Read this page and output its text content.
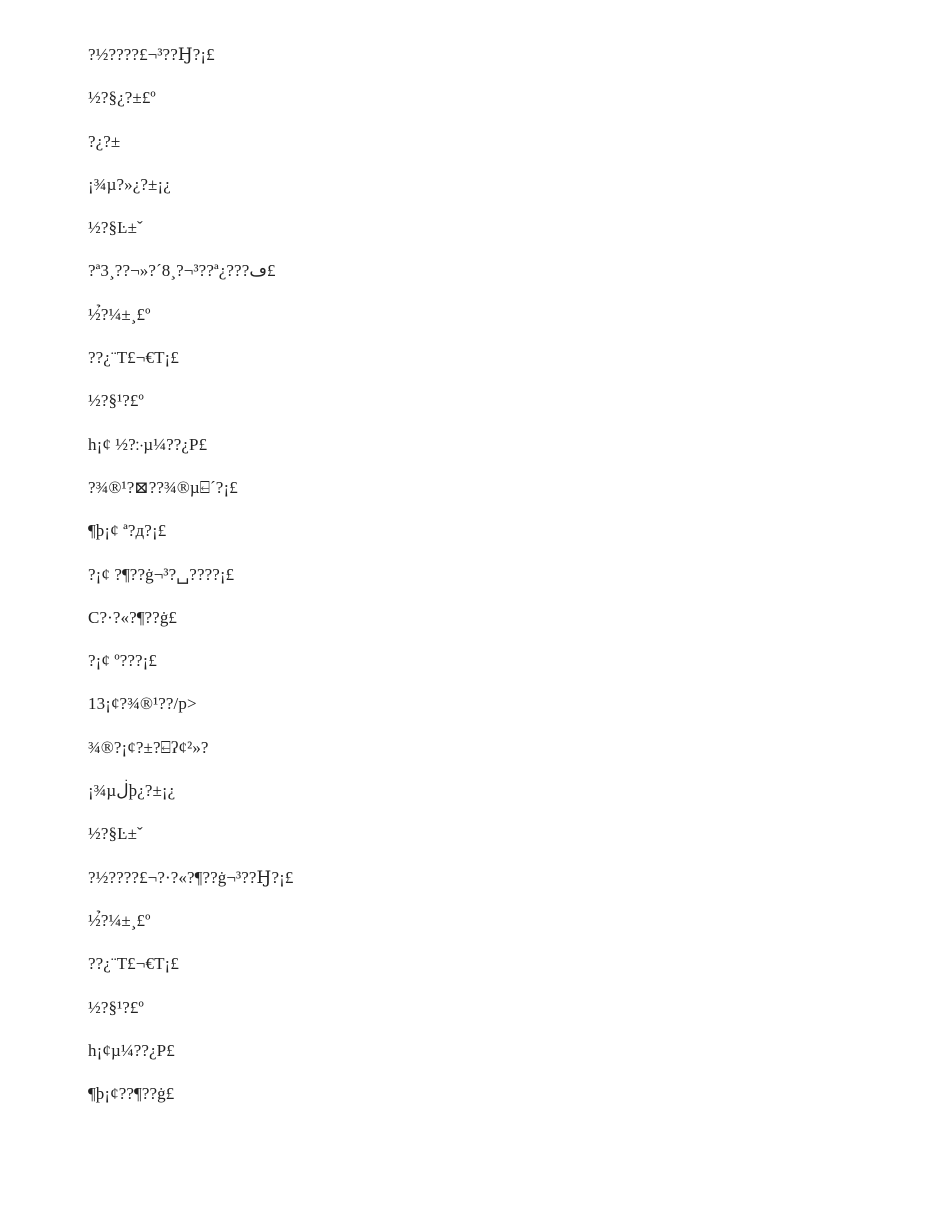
?½????£¬³??Ꜧ?¡£
½?§¿?±£º
?¿?±
¡¾µ?»¿?±¡¿
½?§Ŀ±ˇ
?ª3¸??¬»?´8¸?¬³??ª¿???ڡ£
½̉?¼±¸£º
??¿¨T£¬€T¡£
½?§¹?£º
h¡¢ ½?჻µ¼??¿P£
?¾®¹?⊠??¾®µ⍇´?¡£
¶þ¡¢ ª?д?¡£
?¡¢ ?¶??ġ¬³?␣????¡£
C?·?«?¶??ġ£
?¡¢ º???¡£
13¡¢?¾®¹??/p>
¾®?¡¢?±?⍇ʔ¢²»?
¡¾µڶþ¿?±¡¿
½?§Ŀ±ˇ
?½????£¬?·?«?¶??ġ¬³??Ꜧ?¡£
½̉?¼±¸£º
??¿¨T£¬€T¡£
½?§¹?£º
h¡¢µ¼??¿P£
¶þ¡¢??¶??ġ£
